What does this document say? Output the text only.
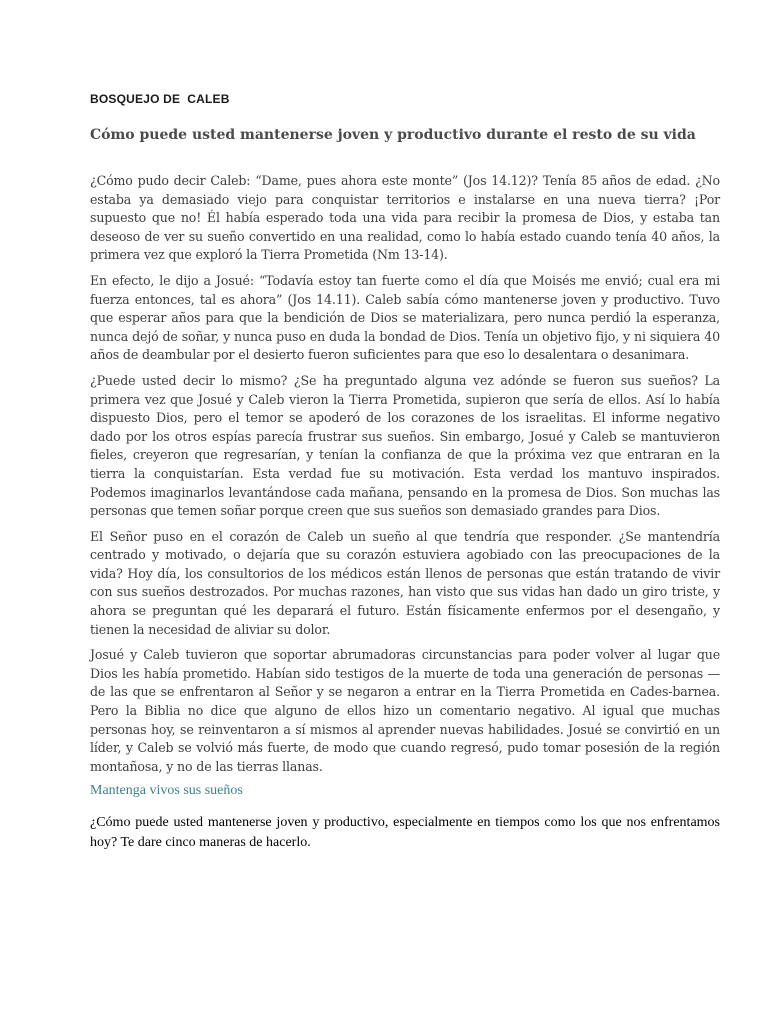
BOSQUEJO DE  CALEB
Cómo puede usted mantenerse joven y productivo durante el resto de su vida

¿Cómo pudo decir Caleb: “Dame, pues ahora este monte” (Jos 14.12)? Tenía 85 años de edad. ¿No estaba ya demasiado viejo para conquistar territorios e instalarse en una nueva tierra? ¡Por supuesto que no! Él había esperado toda una vida para recibir la promesa de Dios, y estaba tan deseoso de ver su sueño convertido en una realidad, como lo había estado cuando tenía 40 años, la primera vez que exploró la Tierra Prometida (Nm 13-14).

En efecto, le dijo a Josué: “Todavía estoy tan fuerte como el día que Moisés me envió; cual era mi fuerza entonces, tal es ahora” (Jos 14.11). Caleb sabía cómo mantenerse joven y productivo. Tuvo que esperar años para que la bendición de Dios se materializara, pero nunca perdió la esperanza, nunca dejó de soñar, y nunca puso en duda la bondad de Dios. Tenía un objetivo fijo, y ni siquiera 40 años de deambular por el desierto fueron suficientes para que eso lo desalentara o desanimara.

¿Puede usted decir lo mismo? ¿Se ha preguntado alguna vez adónde se fueron sus sueños? La primera vez que Josué y Caleb vieron la Tierra Prometida, supieron que sería de ellos. Así lo había dispuesto Dios, pero el temor se apoderó de los corazones de los israelitas. El informe negativo dado por los otros espías parecía frustrar sus sueños. Sin embargo, Josué y Caleb se mantuvieron fieles, creyeron que regresarían, y tenían la confianza de que la próxima vez que entraran en la tierra la conquistarían. Esta verdad fue su motivación. Esta verdad los mantuvo inspirados. Podemos imaginarlos levantándose cada mañana, pensando en la promesa de Dios. Son muchas las personas que temen soñar porque creen que sus sueños son demasiado grandes para Dios.

El Señor puso en el corazón de Caleb un sueño al que tendría que responder. ¿Se mantendría centrado y motivado, o dejaría que su corazón estuviera agobiado con las preocupaciones de la vida? Hoy día, los consultorios de los médicos están llenos de personas que están tratando de vivir con sus sueños destrozados. Por muchas razones, han visto que sus vidas han dado un giro triste, y ahora se preguntan qué les deparará el futuro. Están físicamente enfermos por el desengaño, y tienen la necesidad de aliviar su dolor.

Josué y Caleb tuvieron que soportar abrumadoras circunstancias para poder volver al lugar que Dios les había prometido. Habían sido testigos de la muerte de toda una generación de personas —de las que se enfrentaron al Señor y se negaron a entrar en la Tierra Prometida en Cades-barnea. Pero la Biblia no dice que alguno de ellos hizo un comentario negativo. Al igual que muchas personas hoy, se reinventaron a sí mismos al aprender nuevas habilidades. Josué se convirtió en un líder, y Caleb se volvió más fuerte, de modo que cuando regresó, pudo tomar posesión de la región montañosa, y no de las tierras llanas.

Mantenga vivos sus sueños

¿Cómo puede usted mantenerse joven y productivo, especialmente en tiempos como los que nos enfrentamos hoy? Te dare cinco maneras de hacerlo.
